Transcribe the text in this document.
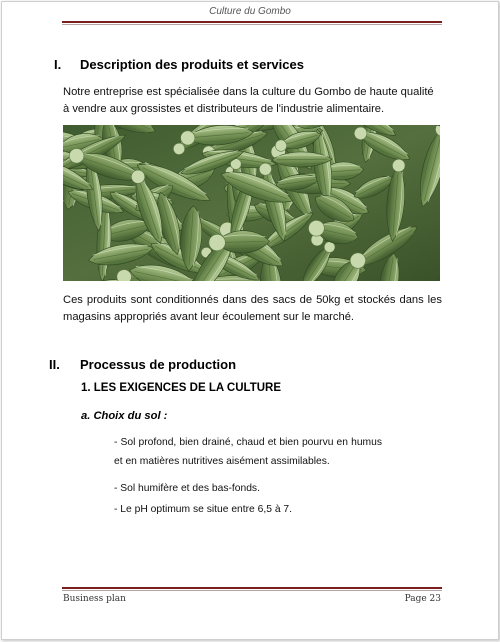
Culture du Gombo
I. Description des produits et services
Notre entreprise est spécialisée dans la culture du Gombo de haute qualité à vendre aux grossistes et distributeurs de l'industrie alimentaire.
Ces produits sont conditionnés dans des sacs de 50kg et stockés dans les magasins appropriés avant leur écoulement sur le marché.
II. Processus de production
1. LES EXIGENCES DE LA CULTURE
a. Choix du sol :
- Sol profond, bien drainé, chaud et bien pourvu en humus et en matières nutritives aisément assimilables.
- Sol humifère et des bas-fonds.
- Le pH optimum se situe entre 6,5 à 7.
Business plan	Page 23
